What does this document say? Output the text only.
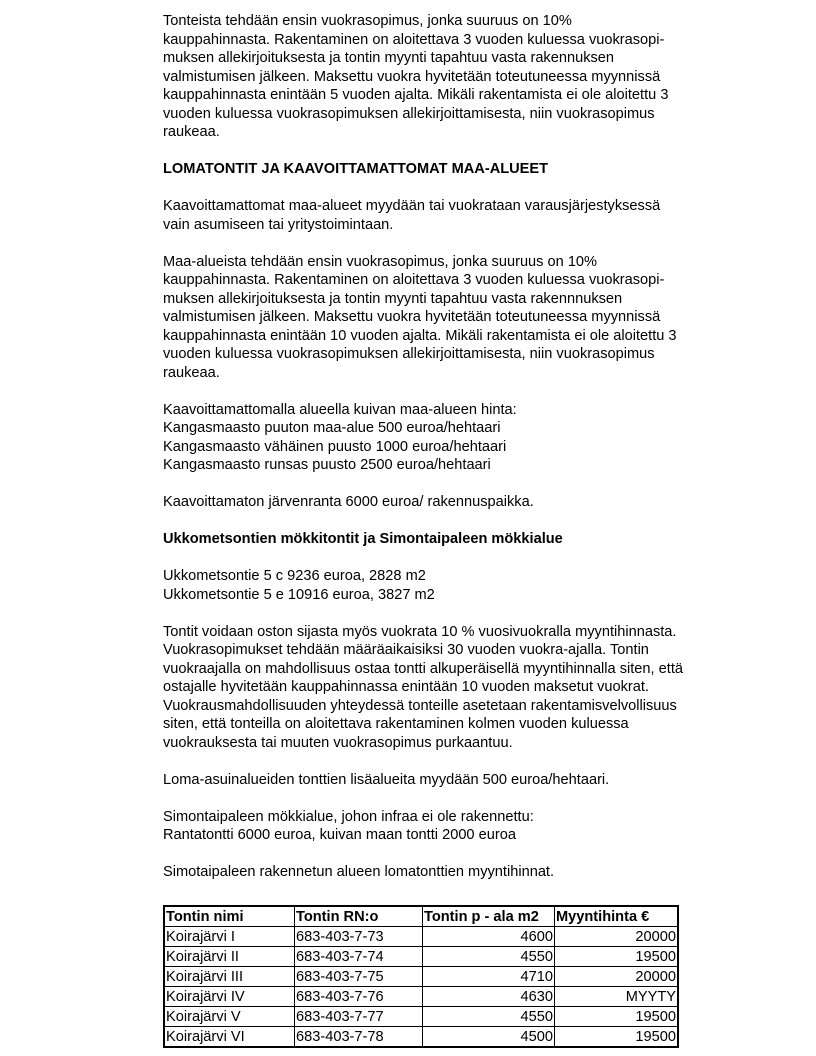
Tonteista tehdään ensin vuokrasopimus, jonka suuruus on 10%

kauppahinnasta. Rakentaminen on aloitettava 3 vuoden kuluessa vuokrasopi-

muksen allekirjoituksesta ja tontin myynti tapahtuu vasta rakennuksen

valmistumisen jälkeen. Maksettu vuokra hyvitetään toteutuneessa myynnissä

kauppahinnasta enintään 5 vuoden ajalta. Mikäli rakentamista ei ole aloitettu 3

vuoden kuluessa vuokrasopimuksen allekirjoittamisesta, niin vuokrasopimus

raukeaa.

LOMATONTIT JA KAAVOITTAMATTOMAT MAA-ALUEET

Kaavoittamattomat maa-alueet myydään tai vuokrataan varausjärjestyksessä

vain asumiseen tai yritystoimintaan.

Maa-alueista tehdään ensin vuokrasopimus, jonka suuruus on 10%

kauppahinnasta. Rakentaminen on aloitettava 3 vuoden kuluessa vuokrasopi-

muksen allekirjoituksesta ja tontin myynti tapahtuu vasta rakennnuksen

valmistumisen jälkeen. Maksettu vuokra hyvitetään toteutuneessa myynnissä

kauppahinnasta enintään 10 vuoden ajalta. Mikäli rakentamista ei ole aloitettu 3

vuoden kuluessa vuokrasopimuksen allekirjoittamisesta, niin vuokrasopimus

raukeaa.

Kaavoittamattomalla alueella kuivan maa-alueen hinta:

Kangasmaasto puuton maa-alue 500 euroa/hehtaari

Kangasmaasto vähäinen puusto 1000 euroa/hehtaari

Kangasmaasto runsas puusto 2500 euroa/hehtaari

Kaavoittamaton järvenranta 6000 euroa/ rakennuspaikka.

Ukkometsontien mökkitontit ja Simontaipaleen mökkialue

Ukkometsontie 5 c 9236 euroa, 2828 m2

Ukkometsontie 5 e 10916 euroa, 3827 m2

Tontit voidaan oston sijasta myös vuokrata 10 % vuosivuokralla myyntihinnasta.

Vuokrasopimukset tehdään määräaikaisiksi 30 vuoden vuokra-ajalla. Tontin

vuokraajalla on mahdollisuus ostaa tontti alkuperäisellä myyntihinnalla siten, että

ostajalle hyvitetään kauppahinnassa enintään 10 vuoden maksetut vuokrat.

Vuokrausmahdollisuuden yhteydessä tonteille asetetaan rakentamisvelvollisuus

siten, että tonteilla on aloitettava rakentaminen kolmen vuoden kuluessa

vuokrauksesta tai muuten vuokrasopimus purkaantuu.

Loma-asuinalueiden tonttien lisäalueita myydään 500 euroa/hehtaari.

Simontaipaleen mökkialue, johon infraa ei ole rakennettu:

Rantatontti 6000 euroa, kuivan maan tontti 2000 euroa

Simotaipaleen rakennetun alueen lomatonttien myyntihinnat.

Tontin nimi	Tontin RN:o	Tontin p - ala m2	Myyntihinta €
Koirajärvi I	683-403-7-73	4600	20000
Koirajärvi II	683-403-7-74	4550	19500
Koirajärvi III	683-403-7-75	4710	20000
Koirajärvi IV	683-403-7-76	4630	MYYTY
Koirajärvi V	683-403-7-77	4550	19500
Koirajärvi VI	683-403-7-78	4500	19500
